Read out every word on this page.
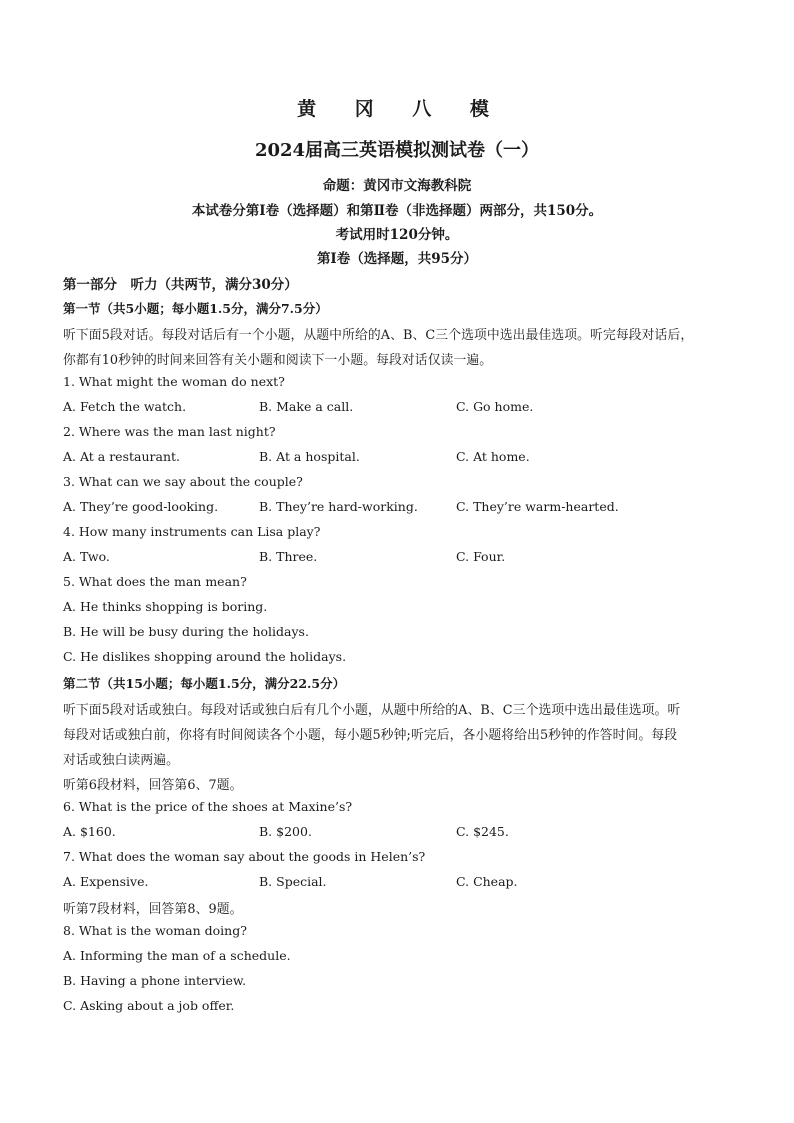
黄 冈 八 模
2024届高三英语模拟测试卷（一）
命题：黄冈市文海教科院
本试卷分第Ⅰ卷（选择题）和第Ⅱ卷（非选择题）两部分，共150分。
考试用时120分钟。
第Ⅰ卷（选择题，共95分）
第一部分　听力（共两节，满分30分）
第一节（共5小题；每小题1.5分，满分7.5分）
听下面5段对话。每段对话后有一个小题，从题中所给的A、B、C三个选项中选出最佳选项。听完每段对话后，
你都有10秒钟的时间来回答有关小题和阅读下一小题。每段对话仅读一遍。
1. What might the woman do next?
A. Fetch the watch.	B. Make a call.	C. Go home.
2. Where was the man last night?
A. At a restaurant.	B. At a hospital.	C. At home.
3. What can we say about the couple?
A. They’re good-looking.	B. They’re hard-working.	C. They’re warm-hearted.
4. How many instruments can Lisa play?
A. Two.	B. Three.	C. Four.
5. What does the man mean?
A. He thinks shopping is boring.
B. He will be busy during the holidays.
C. He dislikes shopping around the holidays.
第二节（共15小题；每小题1.5分，满分22.5分）
听下面5段对话或独白。每段对话或独白后有几个小题，从题中所给的A、B、C三个选项中选出最佳选项。听
每段对话或独白前，你将有时间阅读各个小题，每小题5秒钟;听完后，各小题将给出5秒钟的作答时间。每段
对话或独白读两遍。
听第6段材料，回答第6、7题。
6. What is the price of the shoes at Maxine’s?
A. $160.	B. $200.	C. $245.
7. What does the woman say about the goods in Helen’s?
A. Expensive.	B. Special.	C. Cheap.
听第7段材料，回答第8、9题。
8. What is the woman doing?
A. Informing the man of a schedule.
B. Having a phone interview.
C. Asking about a job offer.
